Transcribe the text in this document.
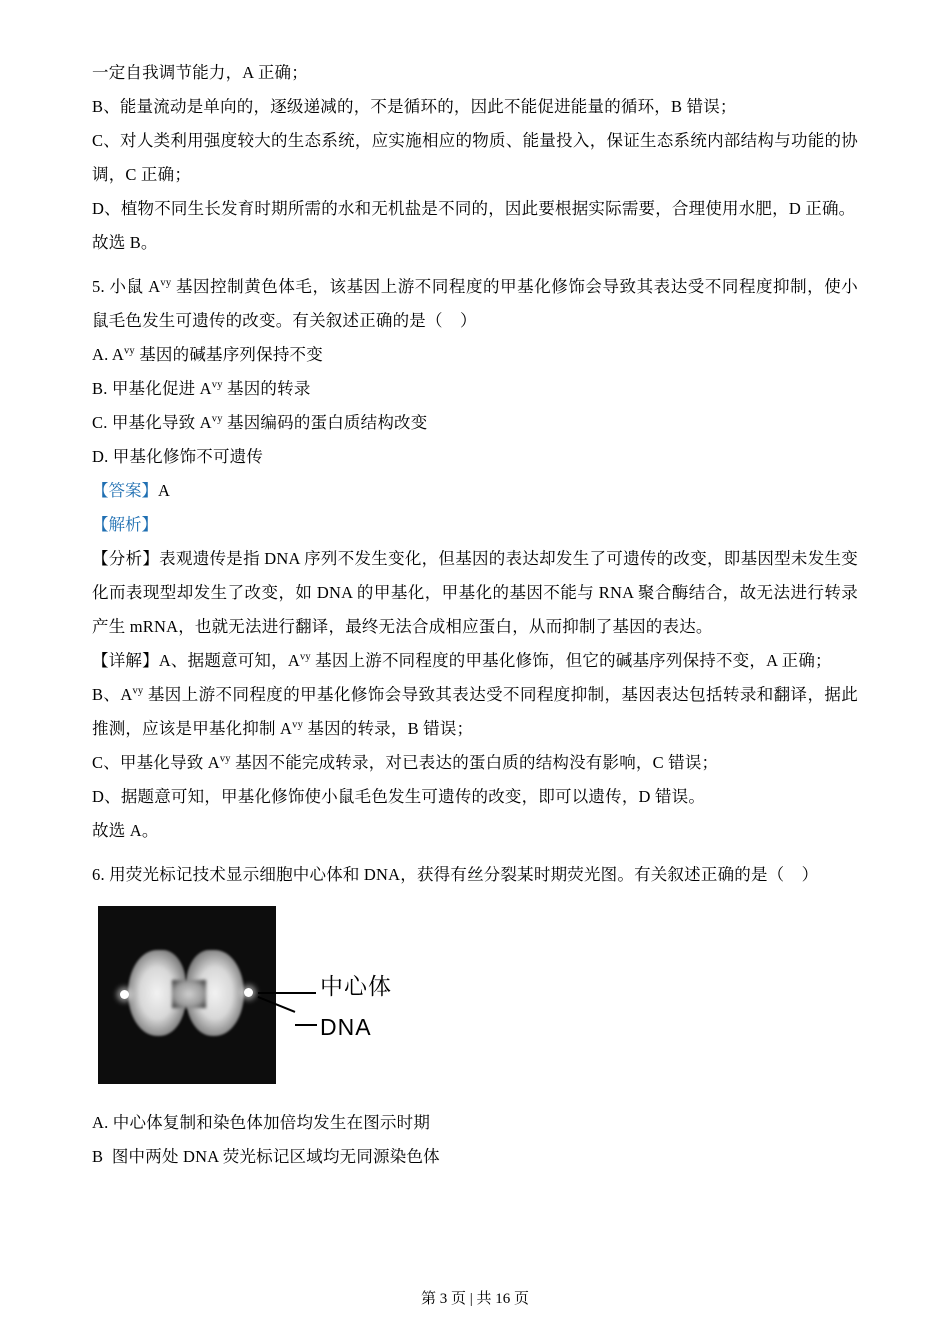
一定自我调节能力，A 正确；
B、能量流动是单向的，逐级递减的，不是循环的，因此不能促进能量的循环，B 错误；
C、对人类利用强度较大的生态系统，应实施相应的物质、能量投入，保证生态系统内部结构与功能的协调，C 正确；
D、植物不同生长发育时期所需的水和无机盐是不同的，因此要根据实际需要，合理使用水肥，D 正确。
故选 B。
5. 小鼠 $A^{vy}$ 基因控制黄色体毛，该基因上游不同程度的甲基化修饰会导致其表达受不同程度抑制，使小鼠毛色发生可遗传的改变。有关叙述正确的是（    ）
A. $A^{vy}$ 基因的碱基序列保持不变
B. 甲基化促进 $A^{vy}$ 基因的转录
C. 甲基化导致 $A^{vy}$ 基因编码的蛋白质结构改变
D. 甲基化修饰不可遗传
【答案】A
【解析】
【分析】表观遗传是指 DNA 序列不发生变化，但基因的表达却发生了可遗传的改变，即基因型未发生变化而表现型却发生了改变，如 DNA 的甲基化，甲基化的基因不能与 RNA 聚合酶结合，故无法进行转录产生 mRNA，也就无法进行翻译，最终无法合成相应蛋白，从而抑制了基因的表达。
【详解】A、据题意可知，$A^{vy}$ 基因上游不同程度的甲基化修饰，但它的碱基序列保持不变，A 正确；
B、$A^{vy}$ 基因上游不同程度的甲基化修饰会导致其表达受不同程度抑制，基因表达包括转录和翻译，据此推测，应该是甲基化抑制 $A^{vy}$ 基因的转录，B 错误；
C、甲基化导致 $A^{vy}$ 基因不能完成转录，对已表达的蛋白质的结构没有影响，C 错误；
D、据题意可知，甲基化修饰使小鼠毛色发生可遗传的改变，即可以遗传，D 错误。
故选 A。
6. 用荧光标记技术显示细胞中心体和 DNA，获得有丝分裂某时期荧光图。有关叙述正确的是（    ）
中心体
DNA
A. 中心体复制和染色体加倍均发生在图示时期
B  图中两处 DNA 荧光标记区域均无同源染色体
第 3 页 | 共 16 页
